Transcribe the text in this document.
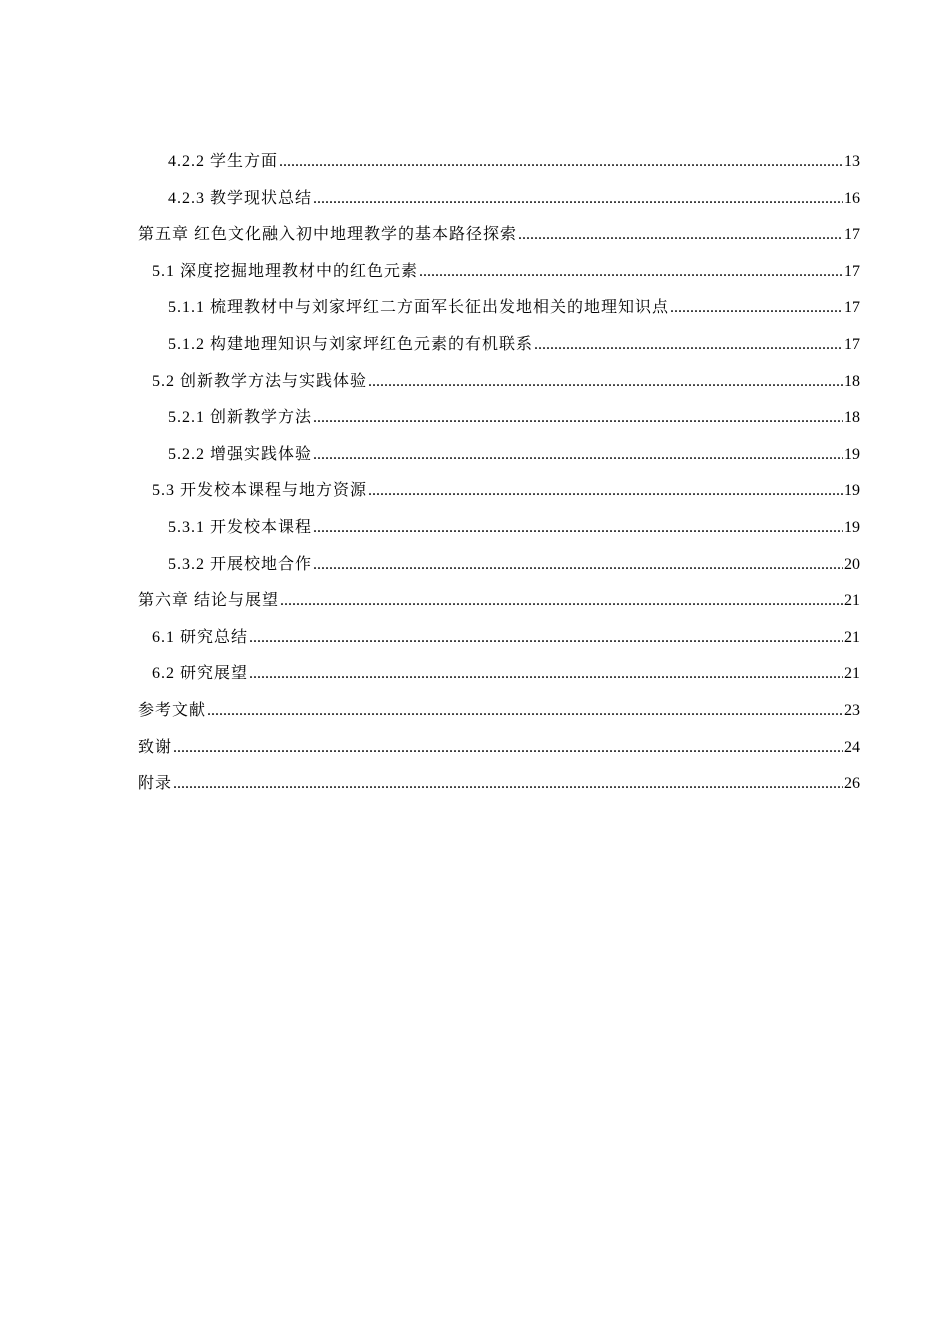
4.2.2 学生方面 .....	13
4.2.3 教学现状总结 .....	16
第五章 红色文化融入初中地理教学的基本路径探索 .....	17
5.1 深度挖掘地理教材中的红色元素 .....	17
5.1.1 梳理教材中与刘家坪红二方面军长征出发地相关的地理知识点 .....	17
5.1.2 构建地理知识与刘家坪红色元素的有机联系 .....	17
5.2 创新教学方法与实践体验 .....	18
5.2.1 创新教学方法 .....	18
5.2.2 增强实践体验 .....	19
5.3 开发校本课程与地方资源 .....	19
5.3.1 开发校本课程 .....	19
5.3.2 开展校地合作 .....	20
第六章 结论与展望 .....	21
6.1 研究总结 .....	21
6.2 研究展望 .....	21
参考文献 .....	23
致谢 .....	24
附录 .....	26
